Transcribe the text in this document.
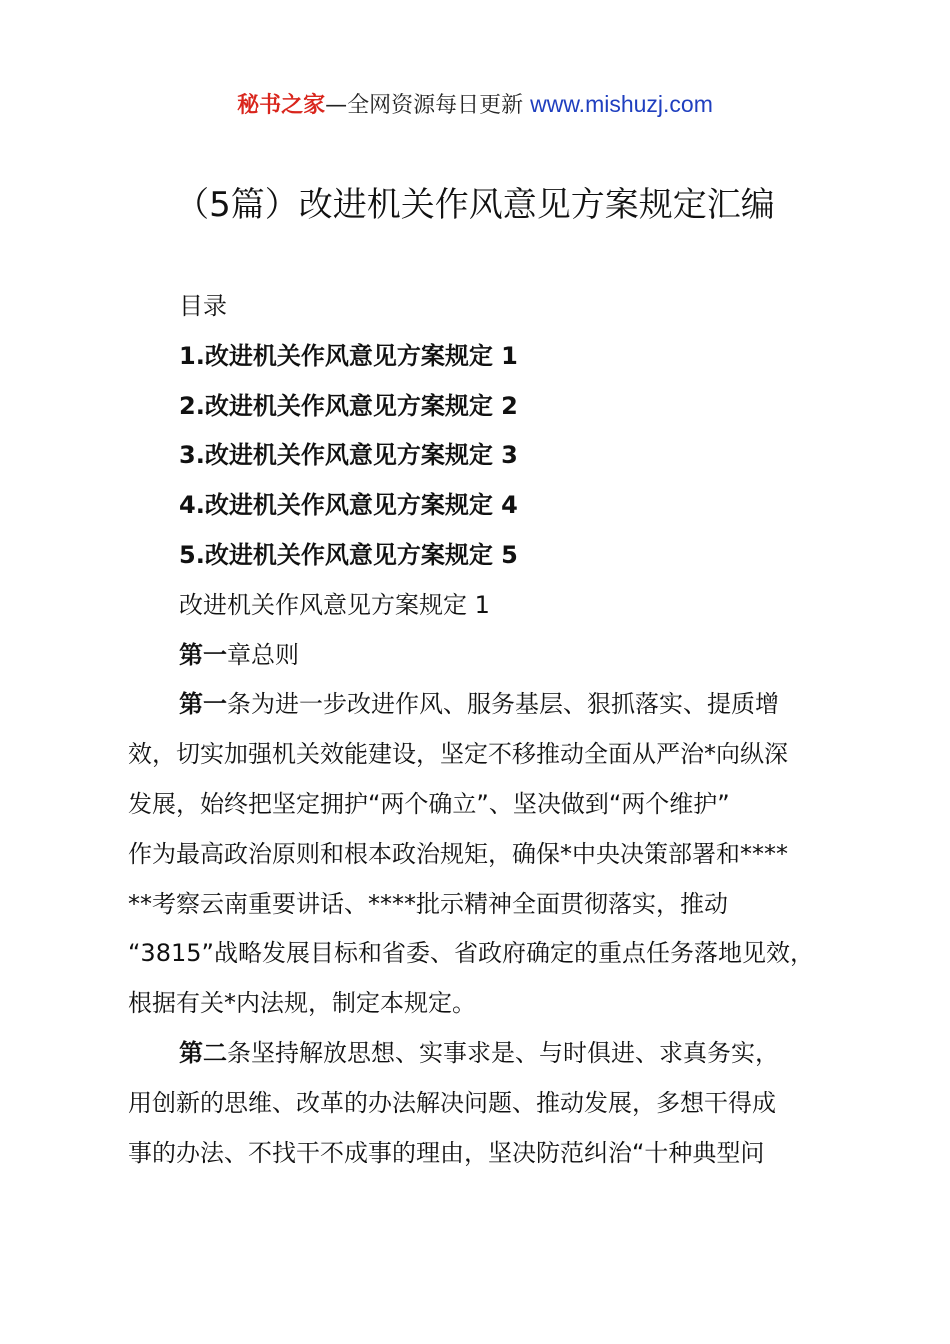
秘书之家—全网资源每日更新 www.mishuzj.com
（5篇）改进机关作风意见方案规定汇编
目录
1.改进机关作风意见方案规定 1
2.改进机关作风意见方案规定 2
3.改进机关作风意见方案规定 3
4.改进机关作风意见方案规定 4
5.改进机关作风意见方案规定 5
改进机关作风意见方案规定 1
第一章总则
第一条为进一步改进作风、服务基层、狠抓落实、提质增
效，切实加强机关效能建设，坚定不移推动全面从严治*向纵深
发展，始终把坚定拥护“两个确立”、坚决做到“两个维护”
作为最高政治原则和根本政治规矩，确保*中央决策部署和****
**考察云南重要讲话、****批示精神全面贯彻落实，推动
“3815”战略发展目标和省委、省政府确定的重点任务落地见效，
根据有关*内法规，制定本规定。
第二条坚持解放思想、实事求是、与时俱进、求真务实，
用创新的思维、改革的办法解决问题、推动发展，多想干得成
事的办法、不找干不成事的理由，坚决防范纠治“十种典型问
